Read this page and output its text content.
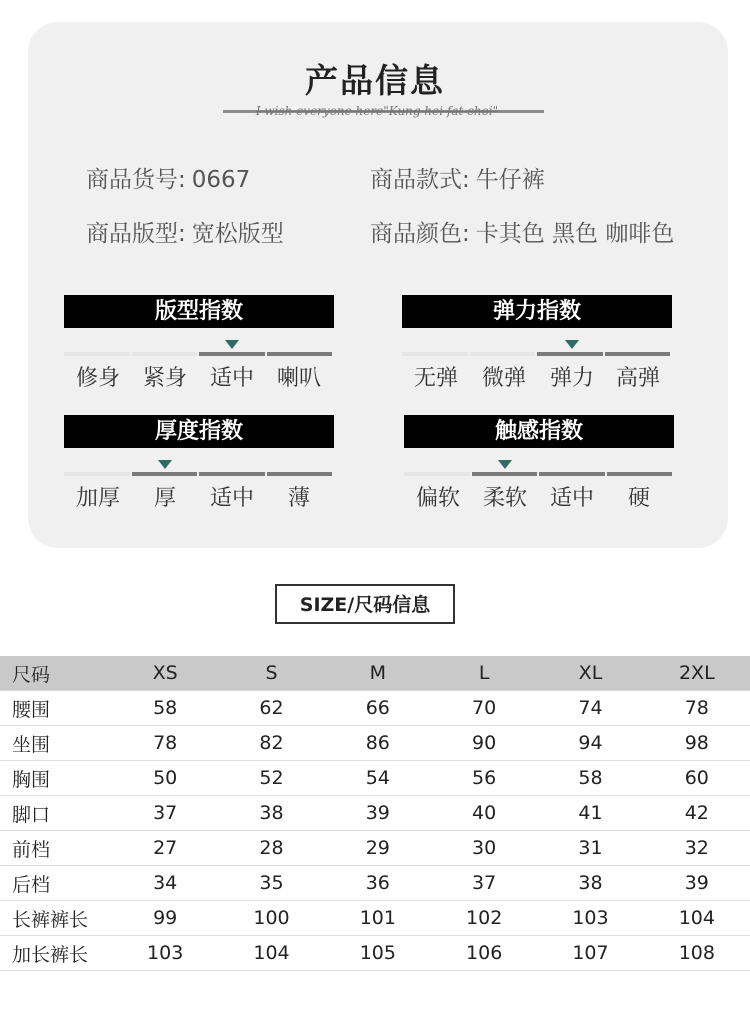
产品信息
I wish everyone here"Kung hei fat choi"
商品货号: 0667	商品款式: 牛仔裤
商品版型: 宽松版型	商品颜色: 卡其色 黑色 咖啡色
版型指数
修身	紧身	适中	喇叭
弹力指数
无弹	微弹	弹力 高弹
厚度指数
加厚	厚	适中	薄
触感指数
偏软	柔软	适中	硬
SIZE/尺码信息
尺码	XS	S	M	L	XL	2XL
腰围	58	62	66	70	74	78
坐围	78	82	86	90	94	98
胸围	50	52	54	56	58	60
脚口	37	38	39	40	41	42
前档	27	28	29	30	31	32
后档	34	35	36	37	38	39
长裤裤长	99	100	101	102	103	104
加长裤长	103	104	105	106	107	108
